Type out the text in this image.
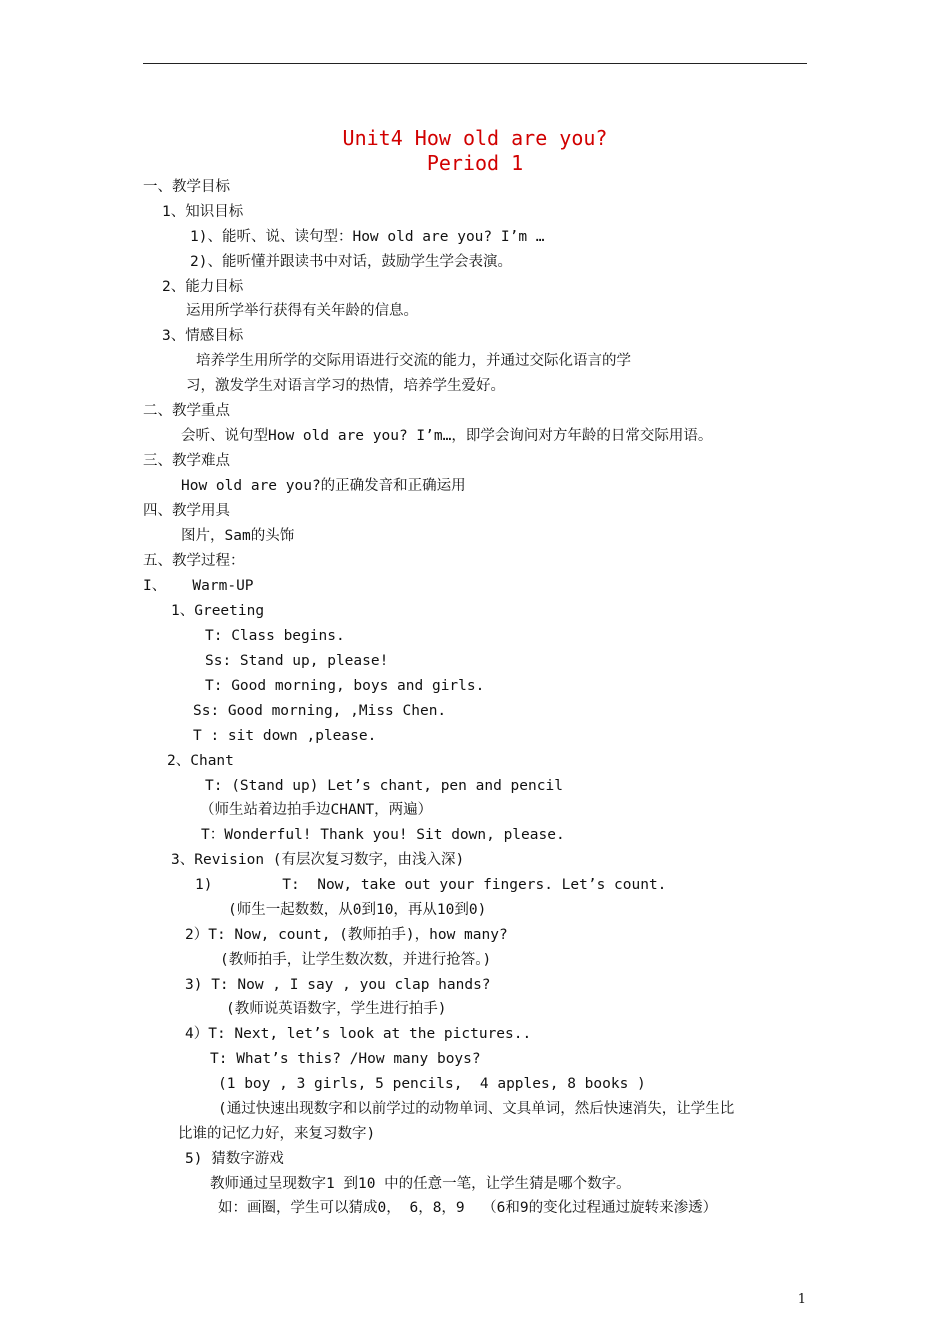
Unit4 How old are you?
Period 1
一、教学目标
1、知识目标
1)、能听、说、读句型：How old are you? I’m …
2)、能听懂并跟读书中对话，鼓励学生学会表演。
2、能力目标
运用所学举行获得有关年龄的信息。
3、情感目标
培养学生用所学的交际用语进行交流的能力，并通过交际化语言的学
习，激发学生对语言学习的热情，培养学生爱好。
二、教学重点
会听、说句型How old are you? I’m…，即学会询问对方年龄的日常交际用语。
三、教学难点
How old are you?的正确发音和正确运用
四、教学用具
图片，Sam的头饰
五、教学过程：
I、   Warm-UP
1、Greeting
T: Class begins.
Ss: Stand up, please!
T: Good morning, boys and girls.
Ss: Good morning, ,Miss Chen.
T : sit down ,please.
2、Chant
T: (Stand up) Let’s chant, pen and pencil
（师生站着边拍手边CHANT，两遍）
T：Wonderful! Thank you! Sit down, please.
3、Revision (有层次复习数字，由浅入深)
1)        T:  Now, take out your fingers. Let’s count.
(师生一起数数，从0到10，再从10到0)
2）T: Now, count, (教师拍手)，how many?
(教师拍手，让学生数次数，并进行抢答。)
3) T: Now , I say , you clap hands?
(教师说英语数字，学生进行拍手)
4）T: Next, let’s look at the pictures..
T: What’s this? /How many boys?
(1 boy , 3 girls, 5 pencils,  4 apples, 8 books )
(通过快速出现数字和以前学过的动物单词、文具单词，然后快速消失，让学生比
比谁的记忆力好，来复习数字)
5) 猜数字游戏
教师通过呈现数字1 到10 中的任意一笔，让学生猜是哪个数字。
如：画圈，学生可以猜成0， 6，8，9  （6和9的变化过程通过旋转来渗透）
1
